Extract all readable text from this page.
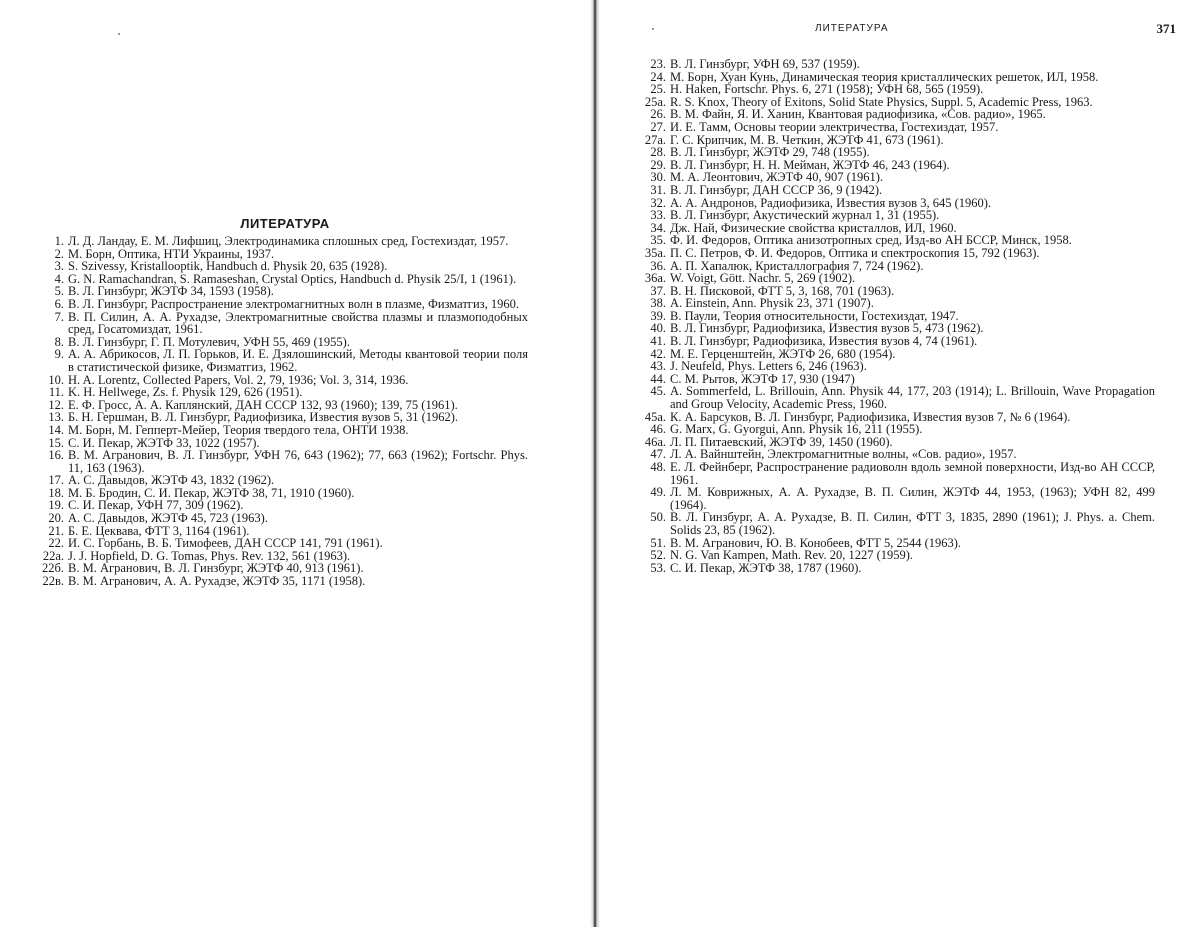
ЛИТЕРАТУРА
1. Л. Д. Ландау, Е. М. Лифшиц, Электродинамика сплошных сред, Гостехиздат, 1957.
2. М. Борн, Оптика, НТИ Украины, 1937.
3. S. Szivessy, Kristallooptik, Handbuch d. Physik 20, 635 (1928).
4. G. N. Ramachandran, S. Ramaseshan, Crystal Optics, Handbuch d. Physik 25/I, 1 (1961).
5. В. Л. Гинзбург, ЖЭТФ 34, 1593 (1958).
6. В. Л. Гинзбург, Распространение электромагнитных волн в плазме, Физматгиз, 1960.
7. В. П. Силин, А. А. Рухадзе, Электромагнитные свойства плазмы и плазмоподобных сред, Госатомиздат, 1961.
8. В. Л. Гинзбург, Г. П. Мотулевич, УФН 55, 469 (1955).
9. А. А. Абрикосов, Л. П. Горьков, И. Е. Дзялошинский, Методы квантовой теории поля в статистической физике, Физматгиз, 1962.
10. H. A. Lorentz, Collected Papers, Vol. 2, 79, 1936; Vol. 3, 314, 1936.
11. K. H. Hellwege, Zs. f. Physik 129, 626 (1951).
12. Е. Ф. Гросс, А. А. Каплянский, ДАН СССР 132, 93 (1960); 139, 75 (1961).
13. Б. Н. Гершман, В. Л. Гинзбург, Радиофизика, Известия вузов 5, 31 (1962).
14. М. Борн, М. Гепперт-Мейер, Теория твердого тела, ОНТИ 1938.
15. С. И. Пекар, ЖЭТФ 33, 1022 (1957).
16. В. М. Агранович, В. Л. Гинзбург, УФН 76, 643 (1962); 77, 663 (1962); Fortschr. Phys. 11, 163 (1963).
17. А. С. Давыдов, ЖЭТФ 43, 1832 (1962).
18. М. Б. Бродин, С. И. Пекар, ЖЭТФ 38, 71, 1910 (1960).
19. С. И. Пекар, УФН 77, 309 (1962).
20. А. С. Давыдов, ЖЭТФ 45, 723 (1963).
21. Б. Е. Цеквава, ФТТ 3, 1164 (1961).
22. И. С. Горбань, В. Б. Тимофеев, ДАН СССР 141, 791 (1961).
22а. J. J. Hopfield, D. G. Tomas, Phys. Rev. 132, 561 (1963).
22б. В. М. Агранович, В. Л. Гинзбург, ЖЭТФ 40, 913 (1961).
22в. В. М. Агранович, А. А. Рухадзе, ЖЭТФ 35, 1171 (1958).
ЛИТЕРАТУРА	371
23. В. Л. Гинзбург, УФН 69, 537 (1959).
24. М. Борн, Хуан Кунь, Динамическая теория кристаллических решеток, ИЛ, 1958.
25. H. Haken, Fortschr. Phys. 6, 271 (1958); УФН 68, 565 (1959).
25а. R. S. Knox, Theory of Exitons, Solid State Physics, Suppl. 5, Academic Press, 1963.
26. В. М. Файн, Я. И. Ханин, Квантовая радиофизика, «Сов. радио», 1965.
27. И. Е. Тамм, Основы теории электричества, Гостехиздат, 1957.
27а. Г. С. Крипчик, М. В. Четкин, ЖЭТФ 41, 673 (1961).
28. В. Л. Гинзбург, ЖЭТФ 29, 748 (1955).
29. В. Л. Гинзбург, Н. Н. Мейман, ЖЭТФ 46, 243 (1964).
30. М. А. Леонтович, ЖЭТФ 40, 907 (1961).
31. В. Л. Гинзбург, ДАН СССР 36, 9 (1942).
32. А. А. Андронов, Радиофизика, Известия вузов 3, 645 (1960).
33. В. Л. Гинзбург, Акустический журнал 1, 31 (1955).
34. Дж. Най, Физические свойства кристаллов, ИЛ, 1960.
35. Ф. И. Федоров, Оптика анизотропных сред, Изд-во АН БССР, Минск, 1958.
35а. П. С. Петров, Ф. И. Федоров, Оптика и спектроскопия 15, 792 (1963).
36. А. П. Хапалюк, Кристаллография 7, 724 (1962).
36а. W. Voigt, Gött. Nachr. 5, 269 (1902).
37. В. Н. Писковой, ФТТ 5, 3, 168, 701 (1963).
38. A. Einstein, Ann. Physik 23, 371 (1907).
39. В. Паули, Теория относительности, Гостехиздат, 1947.
40. В. Л. Гинзбург, Радиофизика, Известия вузов 5, 473 (1962).
41. В. Л. Гинзбург, Радиофизика, Известия вузов 4, 74 (1961).
42. М. Е. Герценштейн, ЖЭТФ 26, 680 (1954).
43. J. Neufeld, Phys. Letters 6, 246 (1963).
44. С. М. Рытов, ЖЭТФ 17, 930 (1947)
45. A. Sommerfeld, L. Brillouin, Ann. Physik 44, 177, 203 (1914); L. Brillouin, Wave Propagation and Group Velocity, Academic Press, 1960.
45а. К. А. Барсуков, В. Л. Гинзбург, Радиофизика, Известия вузов 7, № 6 (1964).
46. G. Marx, G. Gyorgui, Ann. Physik 16, 211 (1955).
46а. Л. П. Питаевский, ЖЭТФ 39, 1450 (1960).
47. Л. А. Вайнштейн, Электромагнитные волны, «Сов. радио», 1957.
48. Е. Л. Фейнберг, Распространение радиоволн вдоль земной поверхности, Изд-во АН СССР, 1961.
49. Л. М. Коврижных, А. А. Рухадзе, В. П. Силин, ЖЭТФ 44, 1953, (1963); УФН 82, 499 (1964).
50. В. Л. Гинзбург, А. А. Рухадзе, В. П. Силин, ФТТ 3, 1835, 2890 (1961); J. Phys. a. Chem. Solids 23, 85 (1962).
51. В. М. Агранович, Ю. В. Конобеев, ФТТ 5, 2544 (1963).
52. N. G. Van Kampen, Math. Rev. 20, 1227 (1959).
53. С. И. Пекар, ЖЭТФ 38, 1787 (1960).
